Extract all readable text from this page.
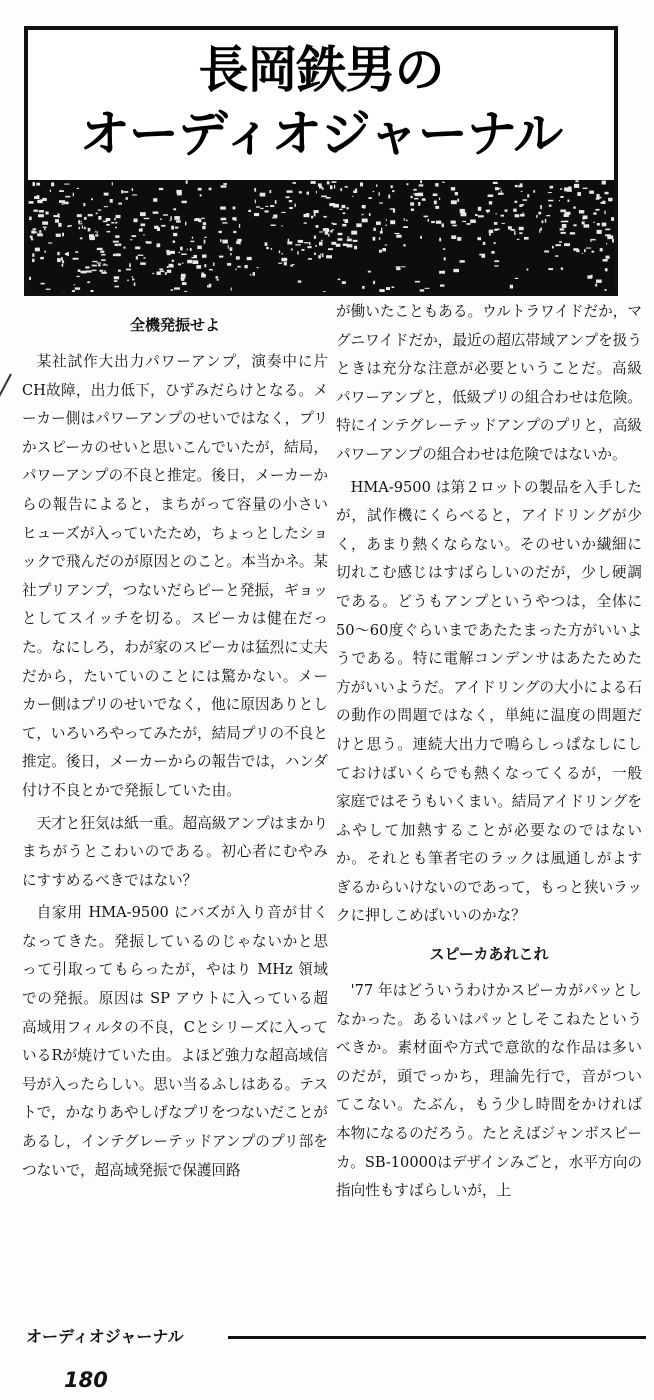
長岡鉄男の
オーディオジャーナル

全機発振せよ

某社試作大出力パワーアンプ，演奏中に片CH故障，出力低下，ひずみだらけとなる。メーカー側はパワーアンプのせいではなく，プリかスピーカのせいと思いこんでいたが，結局，パワーアンプの不良と推定。後日，メーカーからの報告によると，まちがって容量の小さいヒューズが入っていたため，ちょっとしたショックで飛んだのが原因とのこと。本当かネ。某社プリアンプ，つないだらピーと発振，ギョッとしてスイッチを切る。スピーカは健在だった。なにしろ，わが家のスピーカは猛烈に丈夫だから，たいていのことには驚かない。メーカー側はプリのせいでなく，他に原因ありとして，いろいろやってみたが，結局プリの不良と推定。後日，メーカーからの報告では，ハンダ付け不良とかで発振していた由。

天才と狂気は紙一重。超高級アンプはまかりまちがうとこわいのである。初心者にむやみにすすめるべきではない？

自家用 HMA-9500 にバズが入り音が甘くなってきた。発振しているのじゃないかと思って引取ってもらったが，やはり MHz 領域での発振。原因は SP アウトに入っている超高域用フィルタの不良，Cとシリーズに入っているRが焼けていた由。よほど強力な超高域信号が入ったらしい。思い当るふしはある。テストで，かなりあやしげなプリをつないだことがあるし，インテグレーテッドアンプのプリ部をつないで，超高域発振で保護回路

が働いたこともある。ウルトラワイドだか，マグニワイドだか，最近の超広帯域アンプを扱うときは充分な注意が必要ということだ。高級パワーアンプと，低級プリの組合わせは危険。特にインテグレーテッドアンプのプリと，高級パワーアンプの組合わせは危険ではないか。

HMA-9500 は第２ロットの製品を入手したが，試作機にくらべると，アイドリングが少く，あまり熱くならない。そのせいか繊細に切れこむ感じはすばらしいのだが，少し硬調である。どうもアンプというやつは，全体に50～60度ぐらいまであたたまった方がいいようである。特に電解コンデンサはあたためた方がいいようだ。アイドリングの大小による石の動作の問題ではなく，単純に温度の問題だけと思う。連続大出力で鳴らしっぱなしにしておけばいくらでも熱くなってくるが，一般家庭ではそうもいくまい。結局アイドリングをふやして加熱することが必要なのではないか。それとも筆者宅のラックは風通しがよすぎるからいけないのであって，もっと狭いラックに押しこめばいいのかな？

スピーカあれこれ

'77 年はどういうわけかスピーカがパッとしなかった。あるいはパッとしそこねたというべきか。素材面や方式で意欲的な作品は多いのだが，頭でっかち，理論先行で，音がついてこない。たぶん，もう少し時間をかければ本物になるのだろう。たとえばジャンボスピーカ。SB-10000はデザインみごと，水平方向の指向性もすばらしいが，上

オーディオジャーナル
180
